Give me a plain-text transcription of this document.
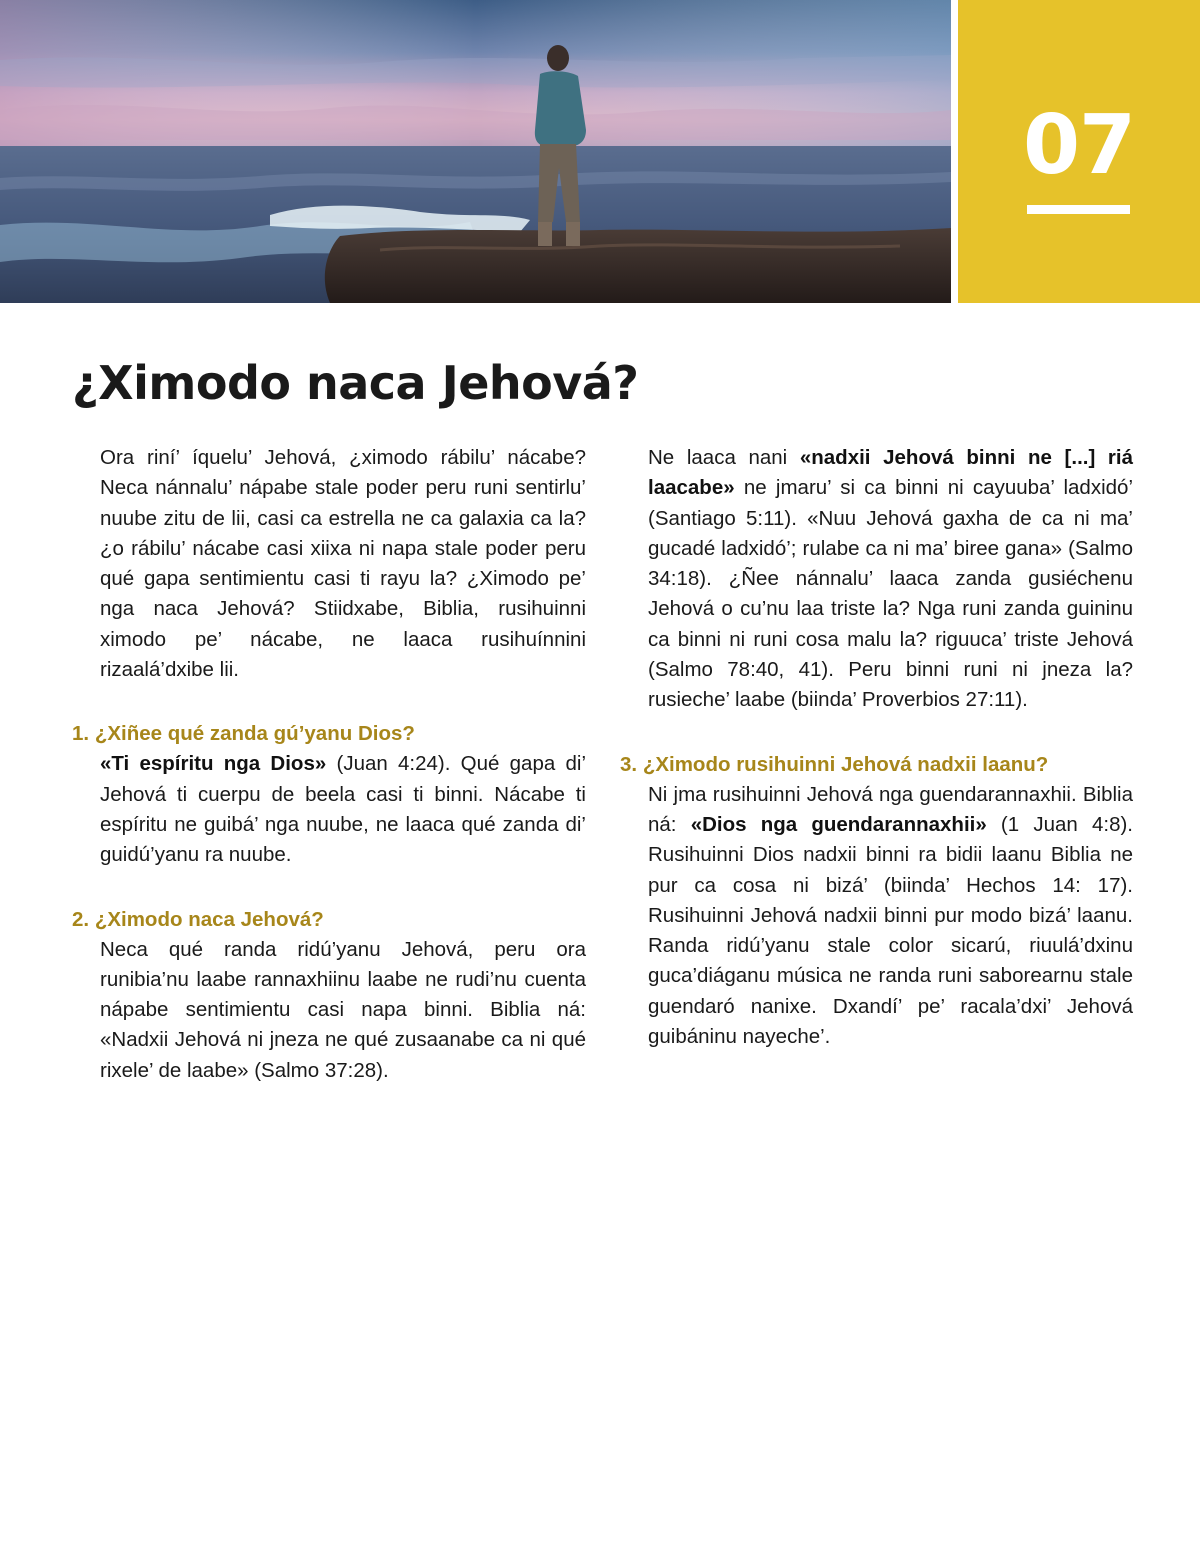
07
¿Ximodo naca Jehová?

Ora riní’ íquelu’ Jehová, ¿ximodo rábilu’ nácabe? Neca nánnalu’ nápabe stale poder peru runi sentirlu’ nuube zitu de lii, casi ca estrella ne ca galaxia ca la? ¿o rábilu’ nácabe casi xiixa ni napa stale poder peru qué gapa sentimientu casi ti rayu la? ¿Ximodo pe’ nga naca Jehová? Stiidxabe, Biblia, rusihuinni ximodo pe’ nácabe, ne laaca rusihuínnini rizaalá’dxibe lii.

1. ¿Xiñee qué zanda gú’yanu Dios?

«Ti espíritu nga Dios» (Juan 4:24). Qué gapa di’ Jehová ti cuerpu de beela casi ti binni. Nácabe ti espíritu ne guibá’ nga nuube, ne laaca qué zanda di’ guidú’yanu ra nuube.

2. ¿Ximodo naca Jehová?

Neca qué randa ridú’yanu Jehová, peru ora runibia’nu laabe rannaxhiinu laabe ne rudi’nu cuenta nápabe sentimientu casi napa binni. Biblia ná: «Nadxii Jehová ni jneza ne qué zusaanabe ca ni qué rixele’ de laabe» (Salmo 37:28).

Ne laaca nani «nadxii Jehová binni ne [...] riá laacabe» ne jmaru’ si ca binni ni cayuuba’ ladxidó’ (Santiago 5:11). «Nuu Jehová gaxha de ca ni ma’ gucadé ladxidó’; rulabe ca ni ma’ biree gana» (Salmo 34:18). ¿Ñee nánnalu’ laaca zanda gusiéchenu Jehová o cu’nu laa triste la? Nga runi zanda guininu ca binni ni runi cosa malu la? riguuca’ triste Jehová (Salmo 78:40, 41). Peru binni runi ni jneza la? rusieche’ laabe (biinda’ Proverbios 27:11).

3. ¿Ximodo rusihuinni Jehová nadxii laanu?

Ni jma rusihuinni Jehová nga guendarannaxhii. Biblia ná: «Dios nga guendarannaxhii» (1 Juan 4:8). Rusihuinni Dios nadxii binni ra bidii laanu Biblia ne pur ca cosa ni bizá’ (biinda’ Hechos 14: 17). Rusihuinni Jehová nadxii binni pur modo bizá’ laanu. Randa ridú’yanu stale color sicarú, riuulá’dxinu guca’diáganu música ne randa runi saborearnu stale guendaró nanixe. Dxandí’ pe’ racala’dxi’ Jehová guibáninu nayeche’.
